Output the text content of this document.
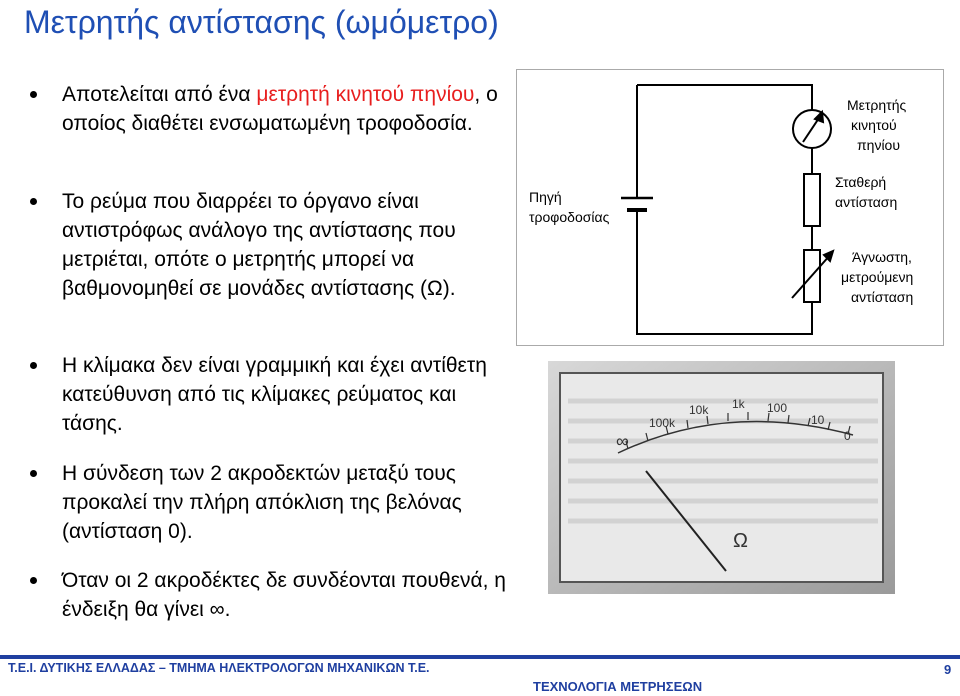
Μετρητής αντίστασης (ωμόμετρο)
Αποτελείται από ένα μετρητή κινητού πηνίου, ο οποίος διαθέτει ενσωματωμένη τροφοδοσία.
Το ρεύμα που διαρρέει το όργανο είναι αντιστρόφως ανάλογο της αντίστασης που μετριέται, οπότε ο μετρητής μπορεί να βαθμονομηθεί σε μονάδες αντίστασης (Ω).
Η κλίμακα δεν είναι γραμμική και έχει αντίθετη κατεύθυνση από τις κλίμακες ρεύματος και τάσης.
Η σύνδεση των 2 ακροδεκτών μεταξύ τους προκαλεί την πλήρη απόκλιση της βελόνας (αντίσταση 0).
Όταν οι 2 ακροδέκτες δε συνδέονται πουθενά, η ένδειξη θα γίνει ∞.
Πηγή
τροφοδοσίας
Μετρητής
κινητού
πηνίου
Σταθερή
αντίσταση
Άγνωστη,
μετρούμενη
αντίσταση
∞
100k
10k 1k 100
10
0
Ω
Τ.Ε.Ι. ΔΥΤΙΚΗΣ ΕΛΛΑΔΑΣ – ΤΜΗΜΑ ΗΛΕΚΤΡΟΛΟΓΩΝ ΜΗΧΑΝΙΚΩΝ Τ.Ε.
ΤΕΧΝΟΛΟΓΙΑ ΜΕΤΡΗΣΕΩΝ
9
